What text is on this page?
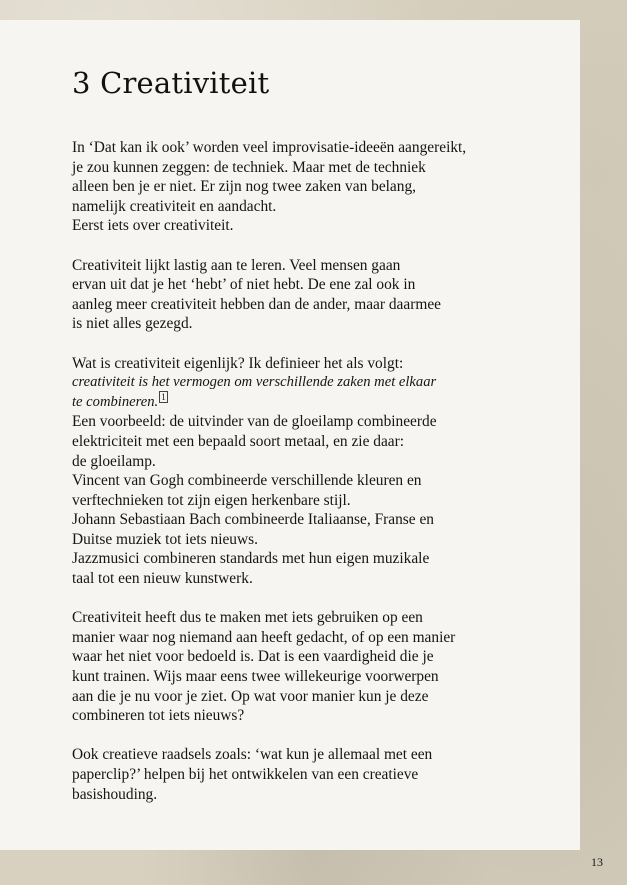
3 Creativiteit

In ‘Dat kan ik ook’ worden veel improvisatie-ideeën aangereikt,
je zou kunnen zeggen: de techniek. Maar met de techniek
alleen ben je er niet. Er zijn nog twee zaken van belang,
namelijk creativiteit en aandacht.
Eerst iets over creativiteit.

Creativiteit lijkt lastig aan te leren. Veel mensen gaan
ervan uit dat je het ‘hebt’ of niet hebt. De ene zal ook in
aanleg meer creativiteit hebben dan de ander, maar daarmee
is niet alles gezegd.

Wat is creativiteit eigenlijk? Ik definieer het als volgt:
creativiteit is het vermogen om verschillende zaken met elkaar
te combineren. $^1$
Een voorbeeld: de uitvinder van de gloeilamp combineerde
elektriciteit met een bepaald soort metaal, en zie daar:
de gloeilamp.
Vincent van Gogh combineerde verschillende kleuren en
verftechnieken tot zijn eigen herkenbare stijl.
Johann Sebastiaan Bach combineerde Italiaanse, Franse en
Duitse muziek tot iets nieuws.
Jazzmusici combineren standards met hun eigen muzikale
taal tot een nieuw kunstwerk.

Creativiteit heeft dus te maken met iets gebruiken op een
manier waar nog niemand aan heeft gedacht, of op een manier
waar het niet voor bedoeld is. Dat is een vaardigheid die je
kunt trainen. Wijs maar eens twee willekeurige voorwerpen
aan die je nu voor je ziet. Op wat voor manier kun je deze
combineren tot iets nieuws?

Ook creatieve raadsels zoals: ‘wat kun je allemaal met een
paperclip?’ helpen bij het ontwikkelen van een creatieve
basishouding.

13
